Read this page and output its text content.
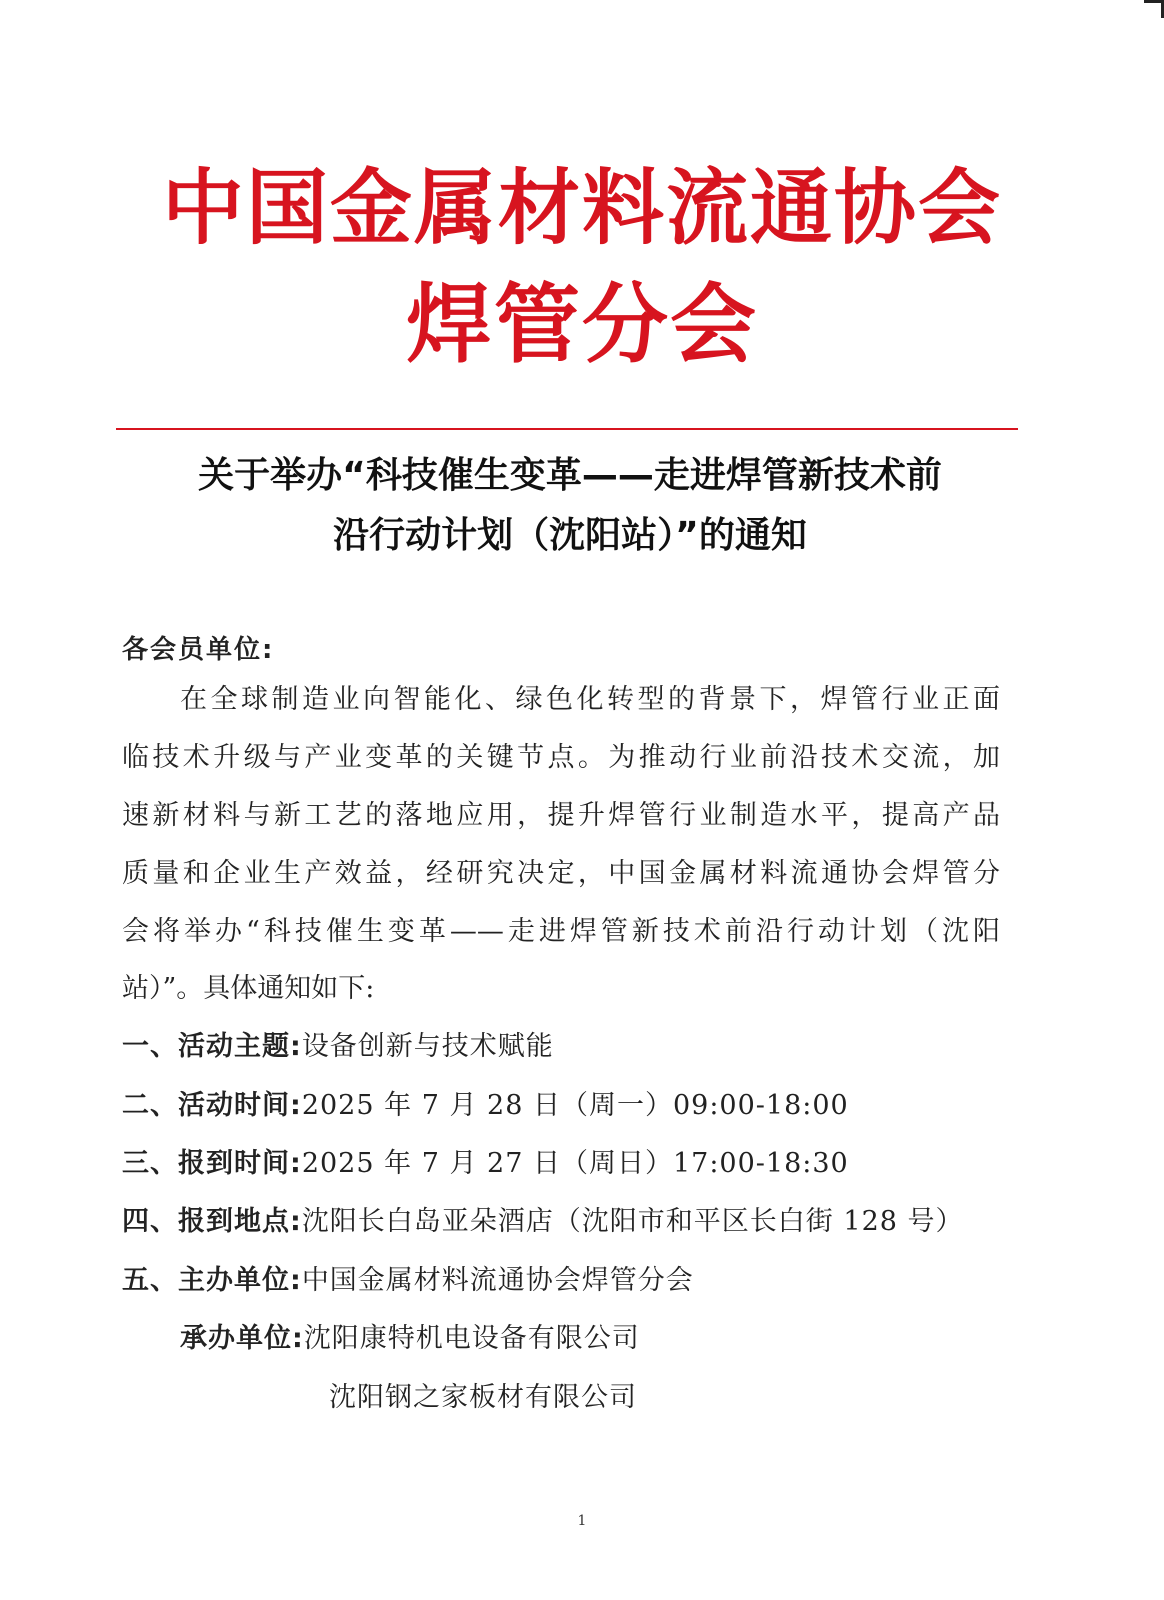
中国金属材料流通协会
焊管分会
关于举办“科技催生变革——走进焊管新技术前
沿行动计划（沈阳站）”的通知
各会员单位:
在全球制造业向智能化、绿色化转型的背景下，焊管行业正面
临技术升级与产业变革的关键节点。为推动行业前沿技术交流，加
速新材料与新工艺的落地应用，提升焊管行业制造水平，提高产品
质量和企业生产效益，经研究决定，中国金属材料流通协会焊管分
会将举办“科技催生变革——走进焊管新技术前沿行动计划（沈阳
站）”。具体通知如下:
一、活动主题:设备创新与技术赋能
二、活动时间:2025 年 7 月 28 日（周一）09:00-18:00
三、报到时间:2025 年 7 月 27 日（周日）17:00-18:30
四、报到地点:沈阳长白岛亚朵酒店（沈阳市和平区长白街 128 号）
五、主办单位:中国金属材料流通协会焊管分会
承办单位:沈阳康特机电设备有限公司
沈阳钢之家板材有限公司
1
